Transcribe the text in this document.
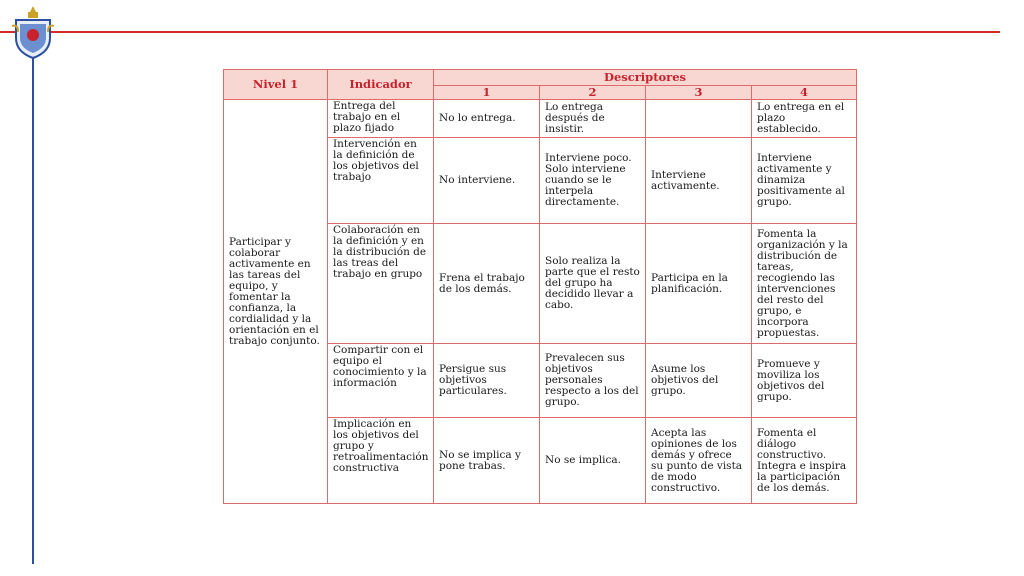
Nivel 1	Indicador	Descriptores			
		1	2	3	4
Participar y colaborar activamente en las tareas del equipo, y fomentar la confianza, la cordialidad y la orientación en el trabajo conjunto.	Entrega del trabajo en el plazo fijado	No lo entrega.	Lo entrega después de insistir.		Lo entrega en el plazo establecido.
	Intervención en la definición de los objetivos del trabajo	No interviene.	Interviene poco. Solo interviene cuando se le interpela directamente.	Interviene activamente.	Interviene activamente y dinamiza positivamente al grupo.
	Colaboración en la definición y en la distribución de las treas del trabajo en grupo	Frena el trabajo de los demás.	Solo realiza la parte que el resto del grupo ha decidido llevar a cabo.	Participa en la planificación.	Fomenta la organización y la distribución de tareas, recogiendo las intervenciones del resto del grupo, e incorpora propuestas.
	Compartir con el equipo el conocimiento y la información	Persigue sus objetivos particulares.	Prevalecen sus objetivos personales respecto a los del grupo.	Asume los objetivos del grupo.	Promueve y moviliza los objetivos del grupo.
	Implicación en los objetivos del grupo y retroalimentación constructiva	No se implica y pone trabas.	No se implica.	Acepta las opiniones de los demás y ofrece su punto de vista de modo constructivo.	Fomenta el diálogo constructivo. Integra e inspira la participación de los demás.
